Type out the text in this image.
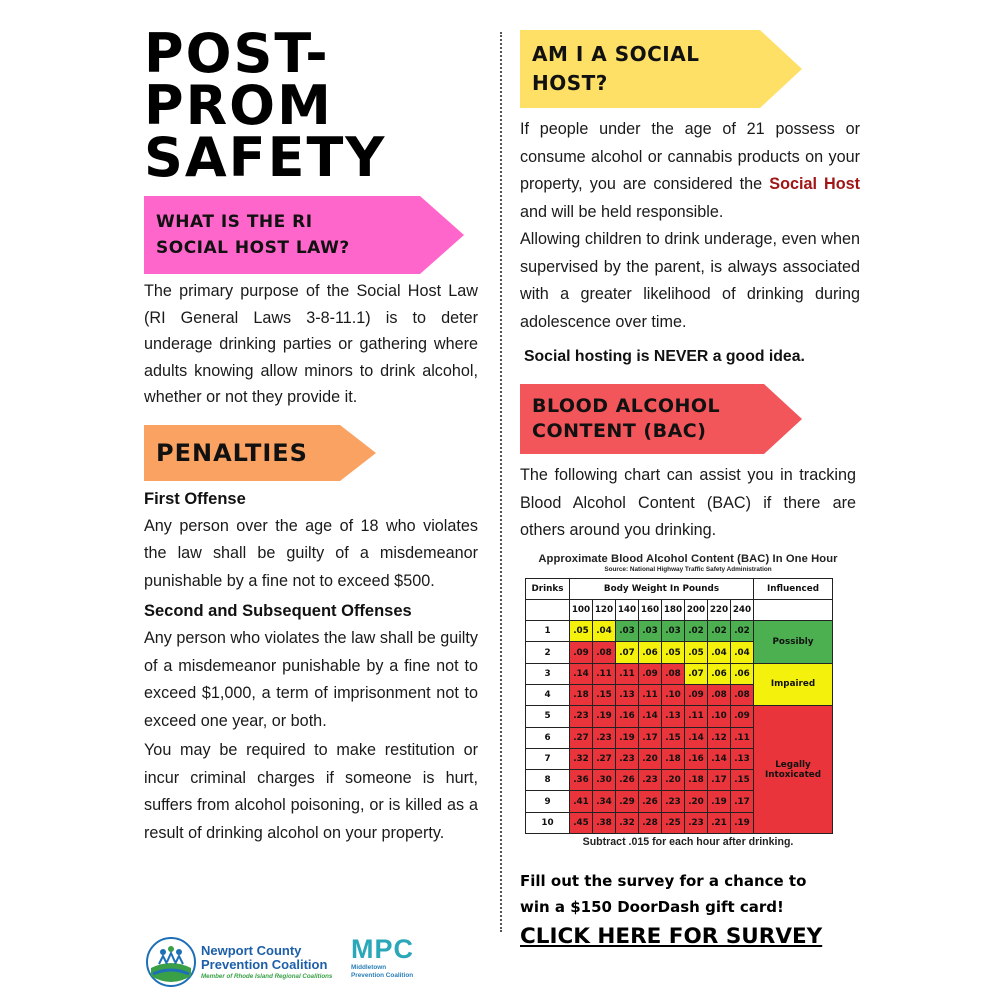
POST-
PROM
SAFETY
WHAT IS THE RI
SOCIAL HOST LAW?

The primary purpose of the Social Host Law (RI General Laws 3-8-11.1) is to deter underage drinking parties or gathering where adults knowing allow minors to drink alcohol, whether or not they provide it.

PENALTIES
First Offense

Any person over the age of 18 who violates the law shall be guilty of a misdemeanor punishable by a fine not to exceed $500.

Second and Subsequent Offenses

Any person who violates the law shall be guilty of a misdemeanor punishable by a fine not to exceed $1,000, a term of imprisonment not to exceed one year, or both.

You may be required to make restitution or incur criminal charges if someone is hurt, suffers from alcohol poisoning, or is killed as a result of drinking alcohol on your property.

Newport County
Prevention Coalition
Member of Rhode Island Regional Coalitions
MPC
Middletown
Prevention Coalition
AM I A SOCIAL
HOST?

If people under the age of 21 possess or consume alcohol or cannabis products on your property, you are considered the Social Host and will be held responsible.

Allowing children to drink underage, even when supervised by the parent, is always associated with a greater likelihood of drinking during adolescence over time.

Social hosting is NEVER a good idea.
BLOOD ALCOHOL
CONTENT (BAC)

The following chart can assist you in tracking Blood Alcohol Content (BAC) if there are others around you drinking.

Approximate Blood Alcohol Content (BAC) In One Hour
Source: National Highway Traffic Safety Administration
Drinks	Body Weight In Pounds								Influenced
	100	120	140	160	180	200	220	240	
1	.05	.04	.03	.03	.03	.02	.02	.02	Possibly
2	.09	.08	.07	.06	.05	.05	.04	.04	
3	.14	.11	.11	.09	.08	.07	.06	.06	Impaired
4	.18	.15	.13	.11	.10	.09	.08	.08	
5	.23	.19	.16	.14	.13	.11	.10	.09	Legally
Intoxicated

6	.27	.23	.19	.17	.15	.14	.12	.11	
7	.32	.27	.23	.20	.18	.16	.14	.13	
8	.36	.30	.26	.23	.20	.18	.17	.15	
9	.41	.34	.29	.26	.23	.20	.19	.17	
10	.45	.38	.32	.28	.25	.23	.21	.19	
Subtract .015 for each hour after drinking.
Fill out the survey for a chance to
win a $150 DoorDash gift card!
CLICK HERE FOR SURVEY
